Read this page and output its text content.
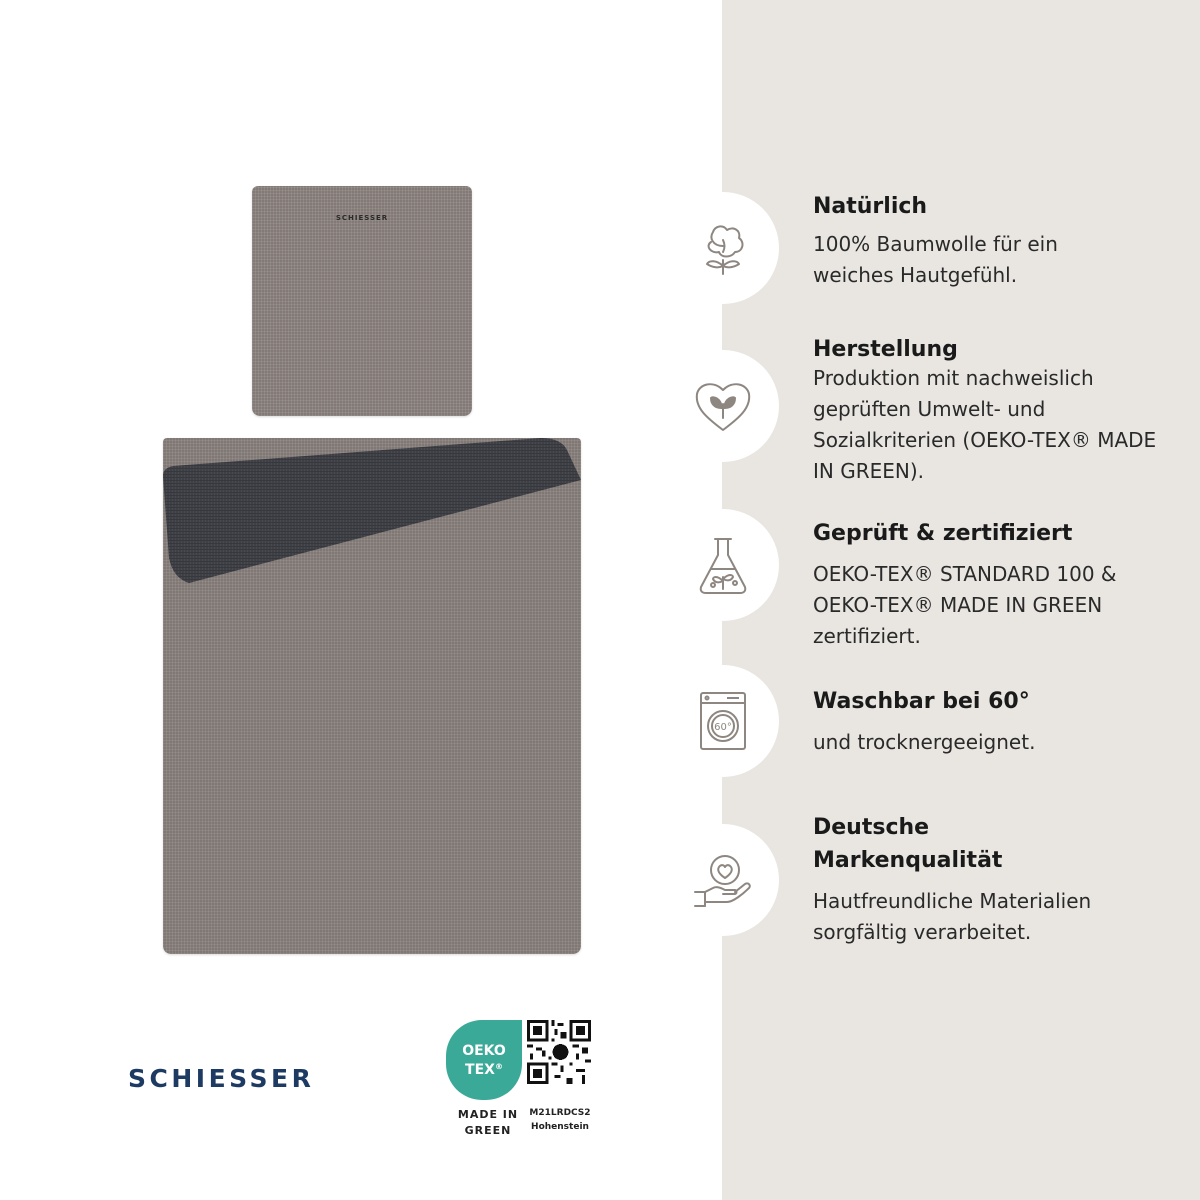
SCHIESSER
SCHIESSER
OEKO
TEX®
MADE IN
GREEN
M21LRDCS2
Hohenstein
Natürlich
100% Baumwolle für ein
weiches Hautgefühl.
Herstellung
Produktion mit nachweislich
geprüften Umwelt- und
Sozialkriterien (OEKO-TEX® MADE
IN GREEN).
Geprüft & zertifiziert
OEKO-TEX® STANDARD 100 &
OEKO-TEX® MADE IN GREEN
zertifiziert.
60°
Waschbar bei 60°
und trocknergeeignet.
Deutsche
Markenqualität
Hautfreundliche Materialien
sorgfältig verarbeitet.
